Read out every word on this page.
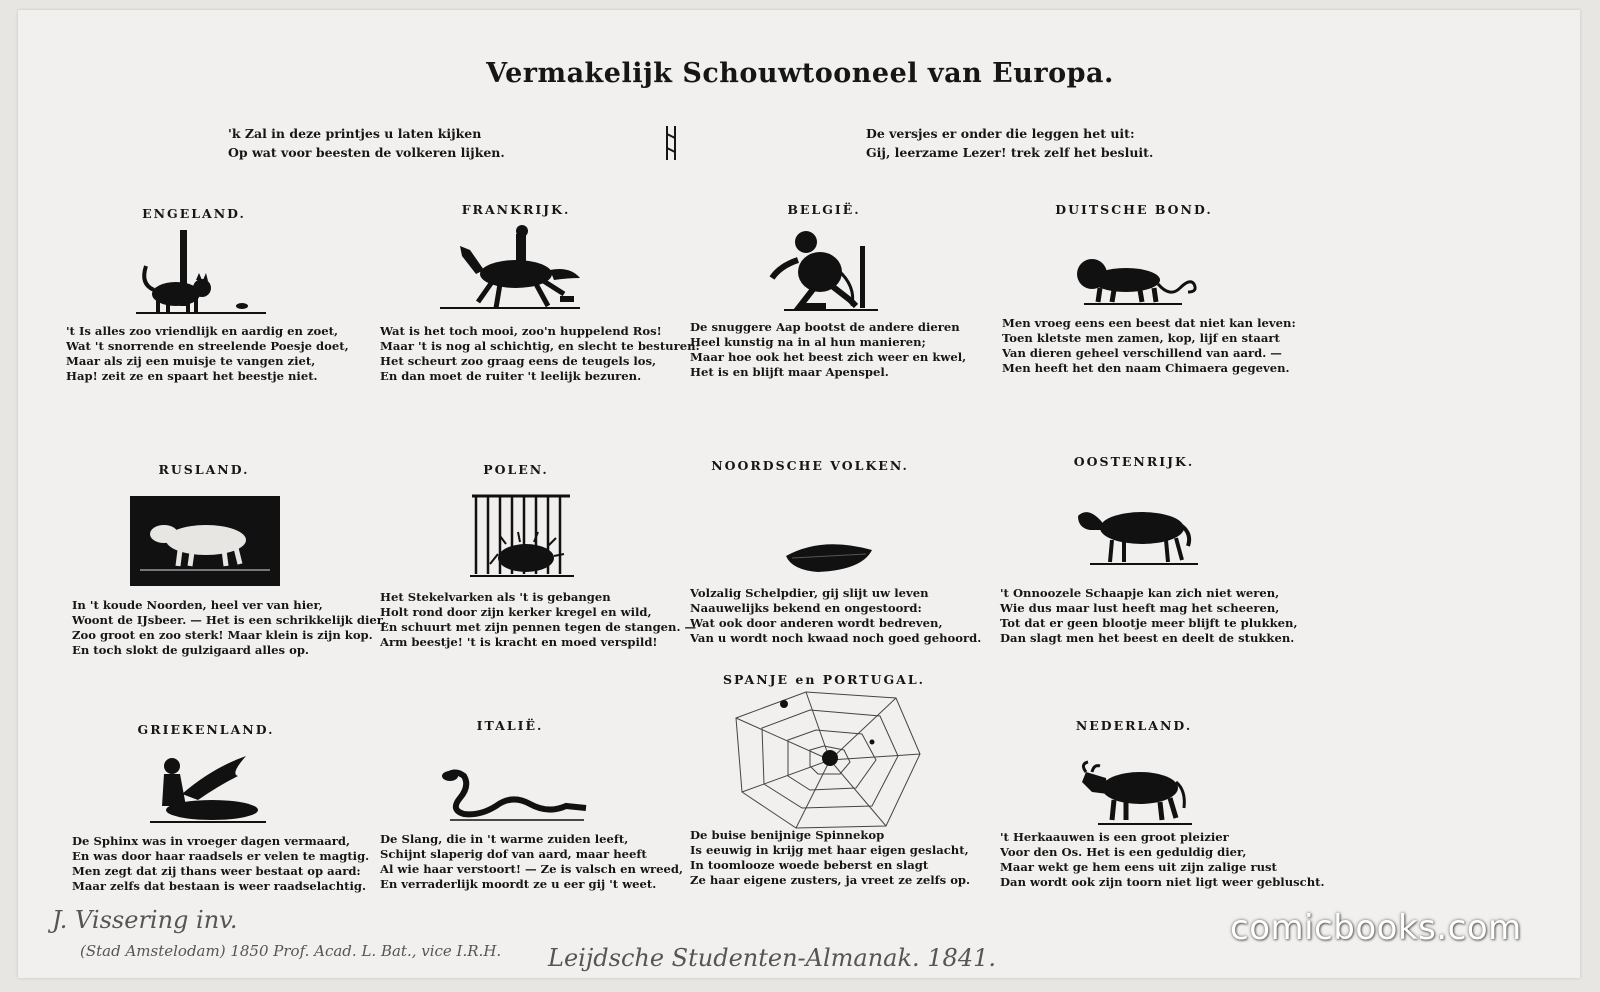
Vermakelijk Schouwtooneel van Europa.
'k Zal in deze printjes u laten kijken
Op wat voor beesten de volkeren lijken.
De versjes er onder die leggen het uit:
Gij, leerzame Lezer! trek zelf het besluit.
ENGELAND.
't Is alles zoo vriendlijk en aardig en zoet,
Wat 't snorrende en streelende Poesje doet,
Maar als zij een muisje te vangen ziet,
Hap! zeit ze en spaart het beestje niet.
FRANKRIJK.
Wat is het toch mooi, zoo'n huppelend Ros!
Maar 't is nog al schichtig, en slecht te besturen:
Het scheurt zoo graag eens de teugels los,
En dan moet de ruiter 't leelijk bezuren.
BELGIË.
De snuggere Aap bootst de andere dieren
Heel kunstig na in al hun manieren;
Maar hoe ook het beest zich weer en kwel,
Het is en blijft maar Apenspel.
DUITSCHE BOND.
Men vroeg eens een beest dat niet kan leven:
Toen kletste men zamen, kop, lijf en staart
Van dieren geheel verschillend van aard. —
Men heeft het den naam Chimaera gegeven.
RUSLAND.
In 't koude Noorden, heel ver van hier,
Woont de IJsbeer. — Het is een schrikkelijk dier,
Zoo groot en zoo sterk! Maar klein is zijn kop.
En toch slokt de gulzigaard alles op.
POLEN.
Het Stekelvarken als 't is gebangen
Holt rond door zijn kerker kregel en wild,
En schuurt met zijn pennen tegen de stangen. —
Arm beestje! 't is kracht en moed verspild!
NOORDSCHE VOLKEN.
Volzalig Schelpdier, gij slijt uw leven
Naauwelijks bekend en ongestoord:
Wat ook door anderen wordt bedreven,
Van u wordt noch kwaad noch goed gehoord.
OOSTENRIJK.
't Onnoozele Schaapje kan zich niet weren,
Wie dus maar lust heeft mag het scheeren,
Tot dat er geen blootje meer blijft te plukken,
Dan slagt men het beest en deelt de stukken.
SPANJE en PORTUGAL.
De buise benijnige Spinnekop
Is eeuwig in krijg met haar eigen geslacht,
In toomlooze woede beberst en slagt
Ze haar eigene zusters, ja vreet ze zelfs op.
GRIEKENLAND.
De Sphinx was in vroeger dagen vermaard,
En was door haar raadsels er velen te magtig.
Men zegt dat zij thans weer bestaat op aard:
Maar zelfs dat bestaan is weer raadselachtig.
ITALIË.
De Slang, die in 't warme zuiden leeft,
Schijnt slaperig dof van aard, maar heeft
Al wie haar verstoort! — Ze is valsch en wreed,
En verraderlijk moordt ze u eer gij 't weet.
NEDERLAND.
't Herkaauwen is een groot pleizier
Voor den Os. Het is een geduldig dier,
Maar wekt ge hem eens uit zijn zalige rust
Dan wordt ook zijn toorn niet ligt weer gebluscht.
J. Vissering inv.
(Stad Amstelodam) 1850 Prof. Acad. L. Bat., vice I.R.H. Leijdsche Studenten-Almanak. 1841.
comicbooks.com
